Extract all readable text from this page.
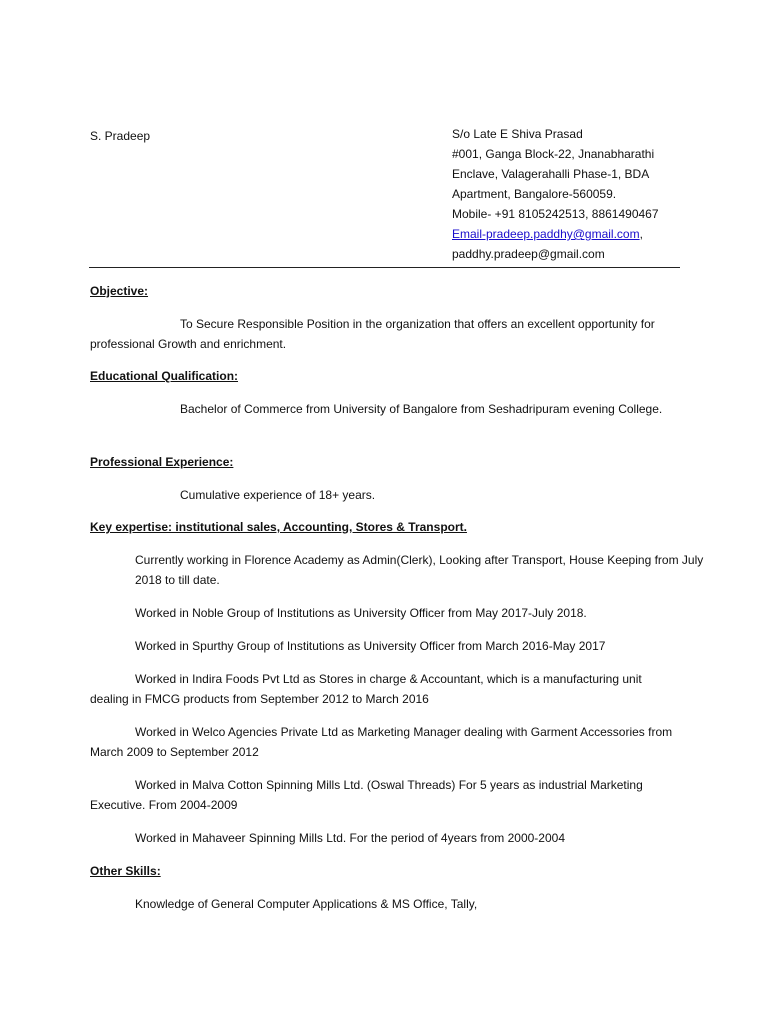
S. Pradeep	S/o Late E Shiva Prasad
#001, Ganga Block-22, Jnanabharathi
Enclave, Valagerahalli Phase-1, BDA
Apartment, Bangalore-560059.
Mobile- +91 8105242513, 8861490467
Email-pradeep.paddhy@gmail.com,
paddhy.pradeep@gmail.com
Objective:
To Secure Responsible Position in the organization that offers an excellent opportunity for professional Growth and enrichment.
Educational Qualification:
Bachelor of Commerce from University of Bangalore from Seshadripuram evening College.
Professional Experience:
Cumulative experience of 18+ years.
Key expertise: institutional sales, Accounting, Stores & Transport.
Currently working in Florence Academy as Admin(Clerk), Looking after Transport, House Keeping from July 2018 to till date.
Worked in Noble Group of Institutions as University Officer from May 2017-July 2018.
Worked in Spurthy Group of Institutions as University Officer from March 2016-May 2017
Worked in Indira Foods Pvt Ltd as Stores in charge & Accountant, which is a manufacturing unit dealing in FMCG products from September 2012 to March 2016
Worked in Welco Agencies Private Ltd as Marketing Manager dealing with Garment Accessories from March 2009 to September 2012
Worked in Malva Cotton Spinning Mills Ltd. (Oswal Threads) For 5 years as industrial Marketing Executive. From 2004-2009
Worked in Mahaveer Spinning Mills Ltd. For the period of 4years from 2000-2004
Other Skills:
Knowledge of General Computer Applications & MS Office, Tally,
